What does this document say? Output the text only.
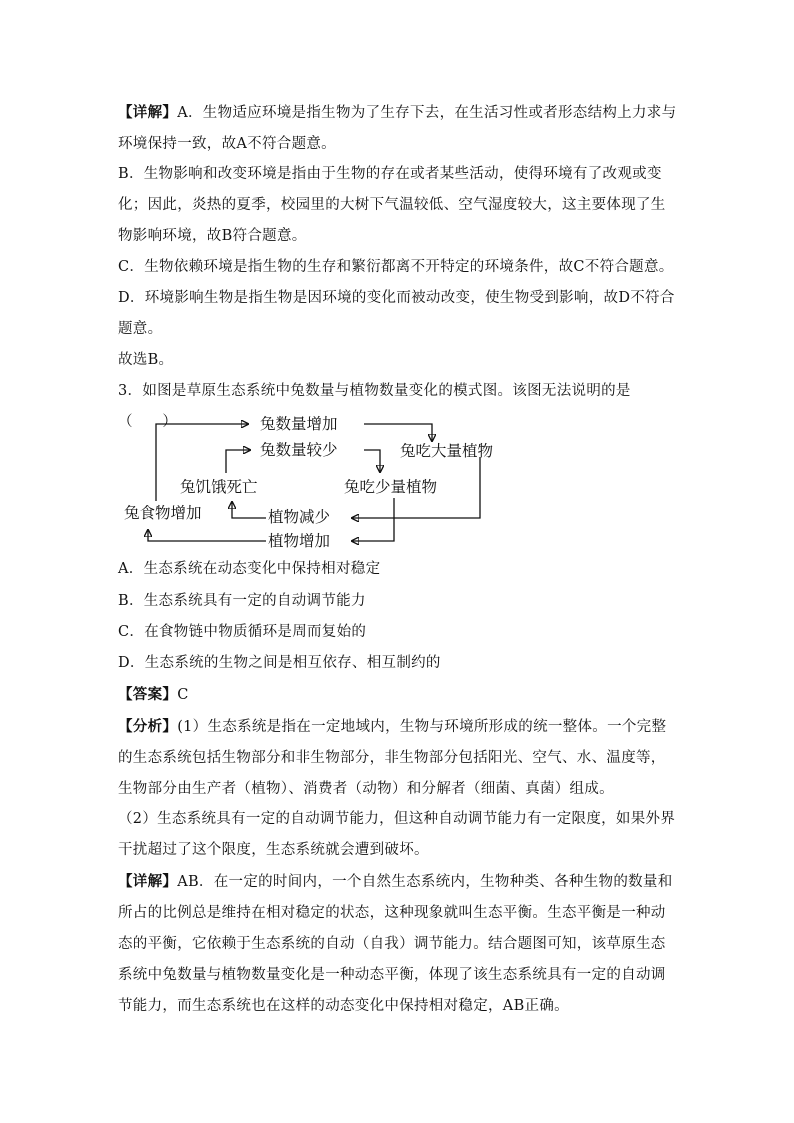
【详解】A．生物适应环境是指生物为了生存下去，在生活习性或者形态结构上力求与环境保持一致，故A不符合题意。

B．生物影响和改变环境是指由于生物的存在或者某些活动，使得环境有了改观或变化；因此，炎热的夏季，校园里的大树下气温较低、空气湿度较大，这主要体现了生物影响环境，故B符合题意。

C．生物依赖环境是指生物的生存和繁衍都离不开特定的环境条件，故C不符合题意。

D．环境影响生物是指生物是因环境的变化而被动改变，使生物受到影响，故D不符合题意。

故选B。

3．如图是草原生态系统中兔数量与植物数量变化的模式图。该图无法说明的是（　　）	兔数量增加
兔数量较少	兔吃大量植物
兔饥饿死亡	兔吃少量植物
兔食物增加	植物减少
植物增加

A．生态系统在动态变化中保持相对稳定

B．生态系统具有一定的自动调节能力

C．在食物链中物质循环是周而复始的

D．生态系统的生物之间是相互依存、相互制约的

【答案】C

【分析】(1）生态系统是指在一定地域内，生物与环境所形成的统一整体。一个完整的生态系统包括生物部分和非生物部分，非生物部分包括阳光、空气、水、温度等，生物部分由生产者（植物）、消费者（动物）和分解者（细菌、真菌）组成。

（2）生态系统具有一定的自动调节能力，但这种自动调节能力有一定限度，如果外界干扰超过了这个限度，生态系统就会遭到破坏。

【详解】AB．在一定的时间内，一个自然生态系统内，生物种类、各种生物的数量和所占的比例总是维持在相对稳定的状态，这种现象就叫生态平衡。生态平衡是一种动态的平衡，它依赖于生态系统的自动（自我）调节能力。结合题图可知，该草原生态系统中兔数量与植物数量变化是一种动态平衡，体现了该生态系统具有一定的自动调节能力，而生态系统也在这样的动态变化中保持相对稳定，AB正确。
